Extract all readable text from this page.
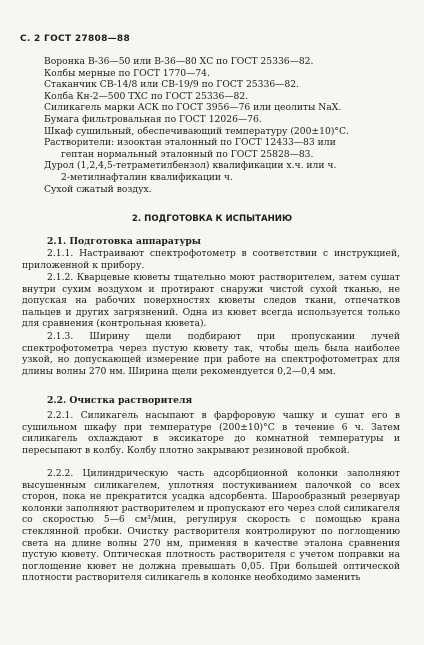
С. 2 ГОСТ 27808—88
Воронка В-36—50 или В-36—80 ХС по ГОСТ 25336—82.
Колбы мерные по ГОСТ 1770—74.
Стаканчик СВ-14/8 или СВ-19/9 по ГОСТ 25336—82.
Колба Кн-2—500 ТХС по ГОСТ 25336—82.
Силикагель марки АСК по ГОСТ 3956—76 или цеолиты NaX.
Бумага фильтровальная по ГОСТ 12026—76.
Шкаф сушильный, обеспечивающий температуру (200±10)°С.
Растворители: изооктан эталонный по ГОСТ 12433—83 или
гептан нормальный эталонный по ГОСТ 25828—83.
Дурол (1,2,4,5-тетраметилбензол) квалификации х.ч. или ч.
2-метилнафталин квалификации ч.
Сухой сжатый воздух.
2. ПОДГОТОВКА К ИСПЫТАНИЮ
2.1. Подготовка аппаратуры
2.1.1. Настраивают спектрофотометр в соответствии с инструкцией, приложенной к прибору.
2.1.2. Кварцевые кюветы тщательно моют растворителем, затем сушат внутри сухим воздухом и протирают снаружи чистой сухой тканью, не допуская на рабочих поверхностях кюветы следов ткани, отпечатков пальцев и других загрязнений. Одна из кювет всегда используется только для сравнения (контрольная кювета).
2.1.3. Ширину щели подбирают при пропускании лучей спектрофотометра через пустую кювету так, чтобы щель была наиболее узкой, но допускающей измерение при работе на спектрофотометрах для длины волны 270 нм. Ширина щели рекомендуется 0,2—0,4 мм.
2.2. Очистка растворителя
2.2.1. Силикагель насыпают в фарфоровую чашку и сушат его в сушильном шкафу при температуре (200±10)°С в течение 6 ч. Затем силикагель охлаждают в эксикаторе до комнатной температуры и пересыпают в колбу. Колбу плотно закрывают резиновой пробкой.
2.2.2. Цилиндрическую часть адсорбционной колонки заполняют высушенным силикагелем, уплотняя постукиванием палочкой со всех сторон, пока не прекратится усадка адсорбента. Шарообразный резервуар колонки заполняют растворителем и пропускают его через слой силикагеля со скоростью 5—6 см³/мин, регулируя скорость с помощью крана стеклянной пробки. Очистку растворителя контролируют по поглощению света на длине волны 270 нм, применяя в качестве эталона сравнения пустую кювету. Оптическая плотность растворителя с учетом поправки на поглощение кювет не должна превышать 0,05. При большей оптической плотности растворителя силикагель в колонке необходимо заменить
